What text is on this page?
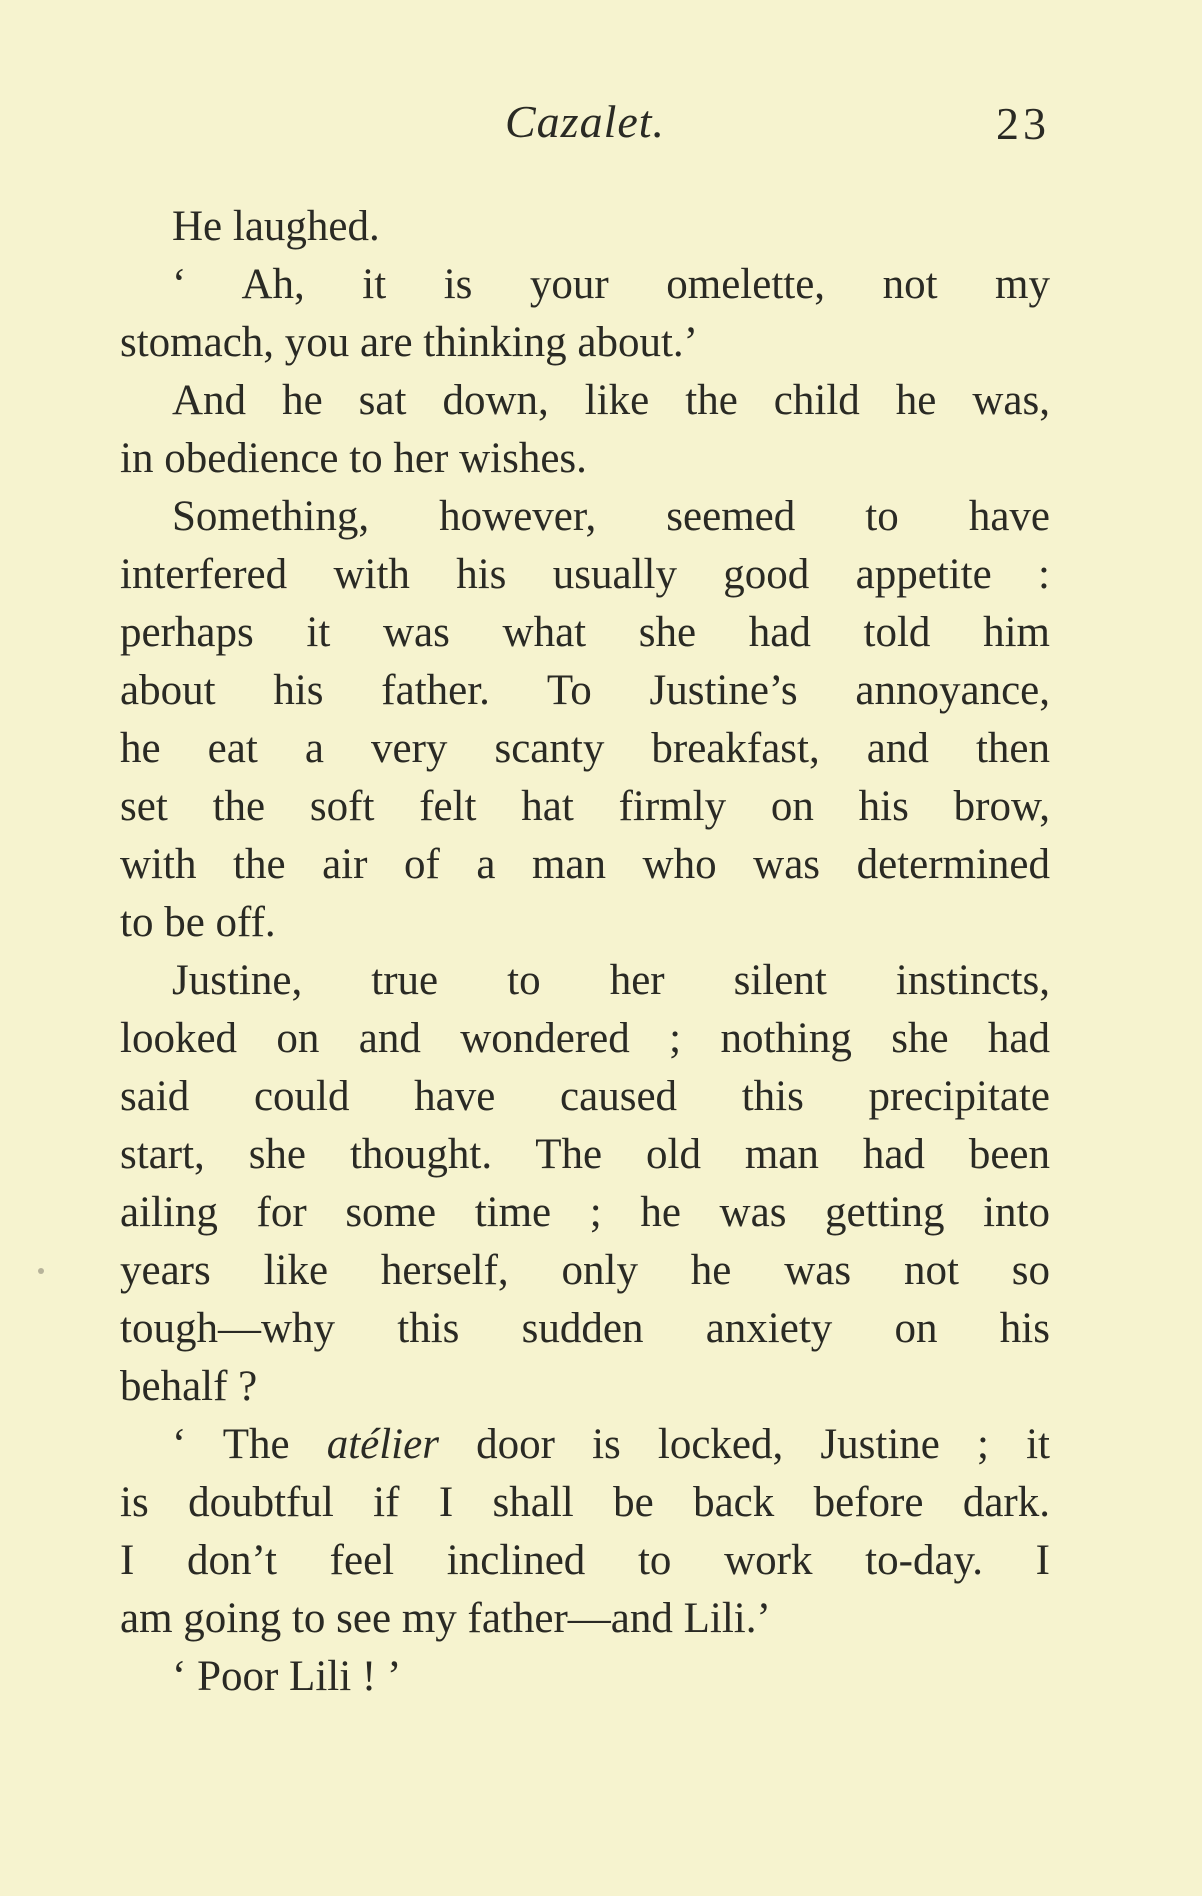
Cazalet.	23
He laughed.
‘ Ah, it is your omelette, not my
stomach, you are thinking about.’
And he sat down, like the child he was,
in obedience to her wishes.
Something, however, seemed to have
interfered with his usually good appetite :
perhaps it was what she had told him
about his father. To Justine’s annoyance,
he eat a very scanty breakfast, and then
set the soft felt hat firmly on his brow,
with the air of a man who was determined
to be off.
Justine, true to her silent instincts,
looked on and wondered ; nothing she had
said could have caused this precipitate
start, she thought. The old man had been
ailing for some time ; he was getting into
years like herself, only he was not so
tough—why this sudden anxiety on his
behalf ?
‘ The atélier door is locked, Justine ; it
is doubtful if I shall be back before dark.
I don’t feel inclined to work to-day. I
am going to see my father—and Lili.’
‘ Poor Lili ! ’
